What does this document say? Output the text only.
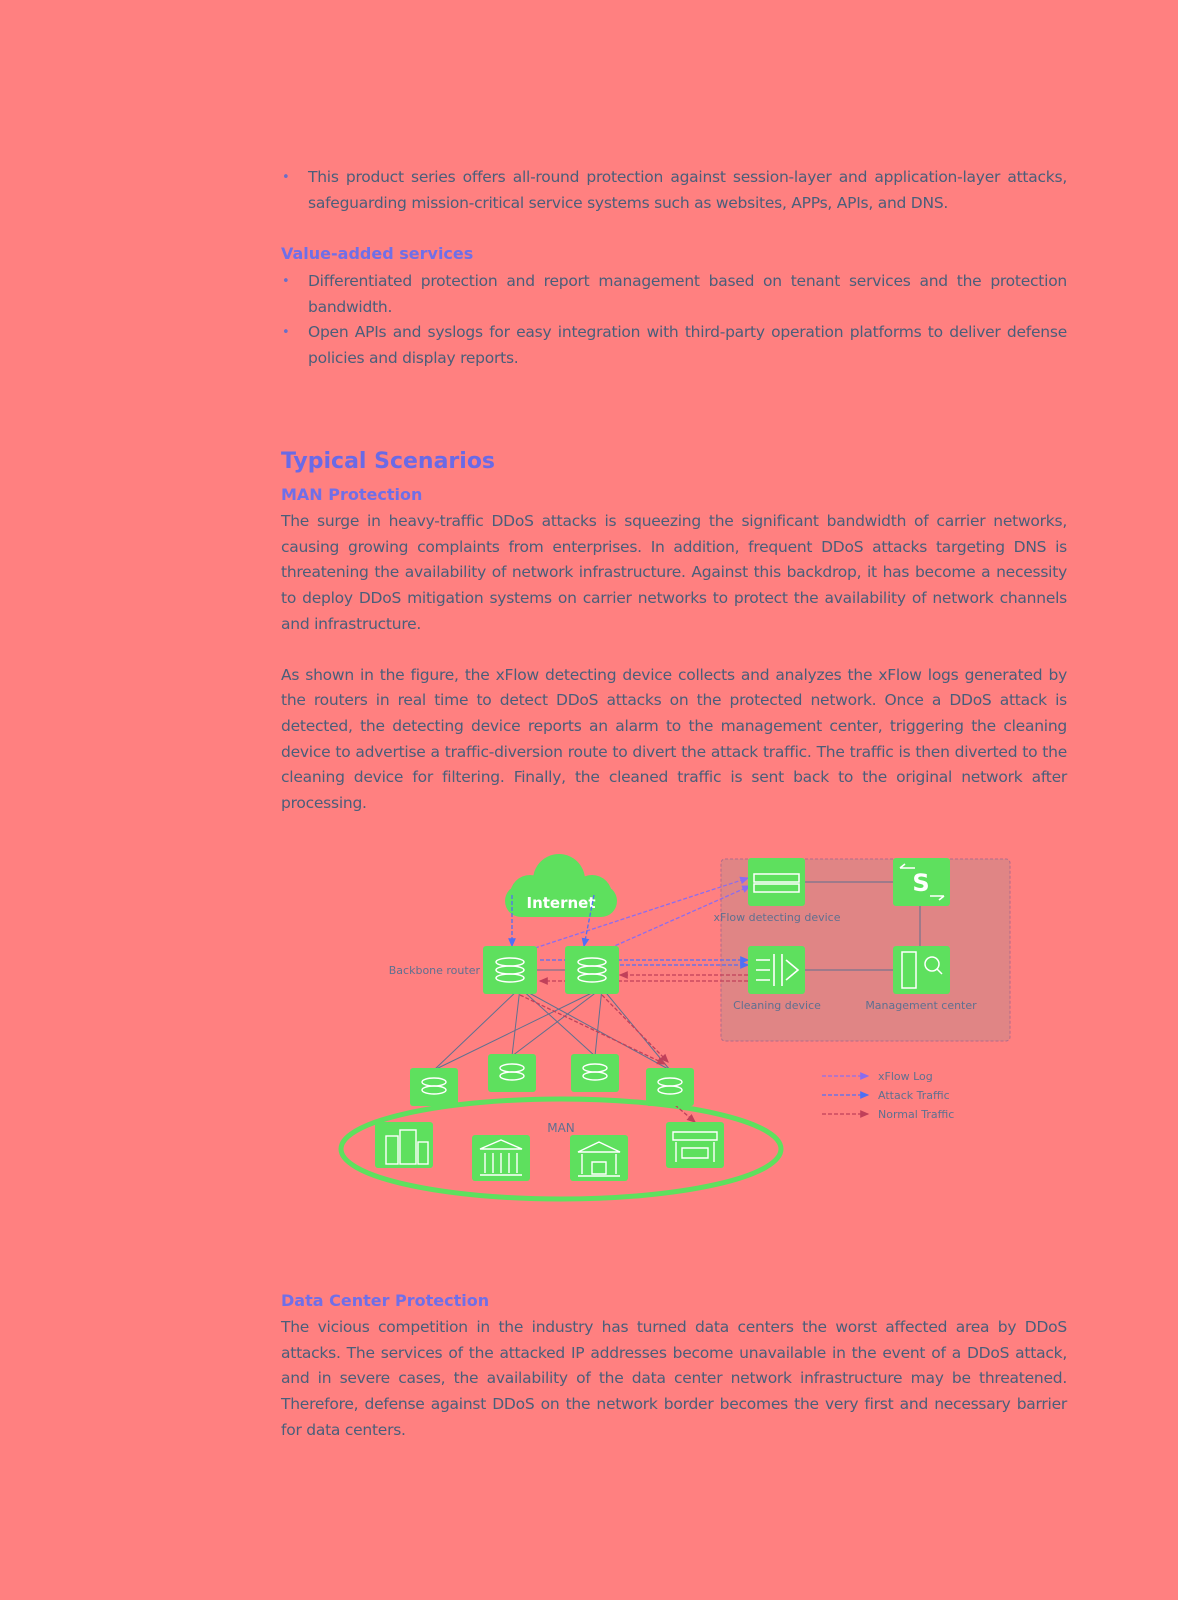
• This product series offers all-round protection against session-layer and application-layer attacks, safeguarding mission-critical service systems such as websites, APPs, APIs, and DNS.
Value-added services
• Differentiated protection and report management based on tenant services and the protection bandwidth.
• Open APIs and syslogs for easy integration with third-party operation platforms to deliver defense policies and display reports.
Typical Scenarios
MAN Protection

The surge in heavy-traffic DDoS attacks is squeezing the significant bandwidth of carrier networks, causing growing complaints from enterprises. In addition, frequent DDoS attacks targeting DNS is threatening the availability of network infrastructure. Against this backdrop, it has become a necessity to deploy DDoS mitigation systems on carrier networks to protect the availability of network channels and infrastructure.

As shown in the figure, the xFlow detecting device collects and analyzes the xFlow logs generated by the routers in real time to detect DDoS attacks on the protected network. Once a DDoS attack is detected, the detecting device reports an alarm to the management center, triggering the cleaning device to advertise a traffic-diversion route to divert the attack traffic. The traffic is then diverted to the cleaning device for filtering. Finally, the cleaned traffic is sent back to the original network after processing.

Internet
MAN
Backbone router
xFlow detecting device
S
Cleaning device	Management center
xFlow Log
Attack Traffic
Normal Traffic
Data Center Protection

The vicious competition in the industry has turned data centers the worst affected area by DDoS attacks. The services of the attacked IP addresses become unavailable in the event of a DDoS attack, and in severe cases, the availability of the data center network infrastructure may be threatened. Therefore, defense against DDoS on the network border becomes the very first and necessary barrier for data centers.
